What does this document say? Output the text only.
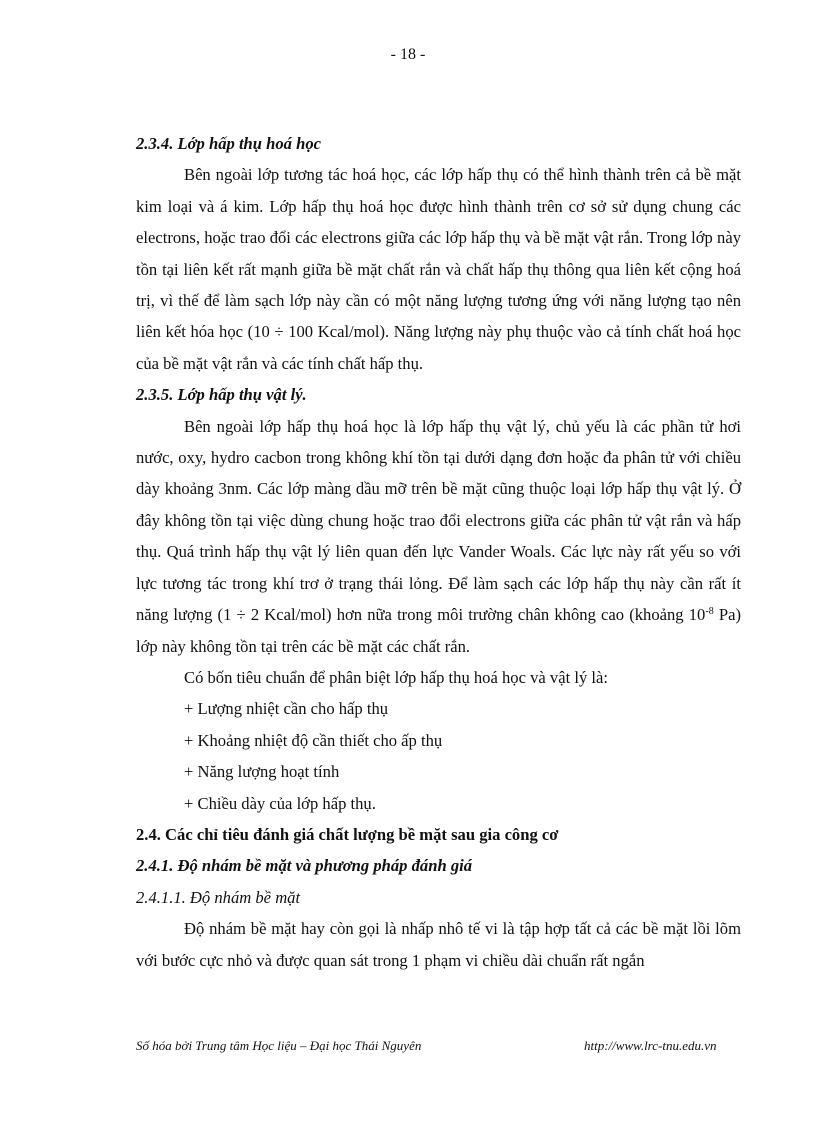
- 18 -

2.3.4. Lớp hấp thụ hoá học

Bên ngoài lớp tương tác hoá học, các lớp hấp thụ có thể hình thành trên cả bề mặt kim loại và á kim. Lớp hấp thụ hoá học được hình thành trên cơ sở sử dụng chung các electrons, hoặc trao đổi các electrons giữa các lớp hấp thụ và bề mặt vật rắn. Trong lớp này tồn tại liên kết rất mạnh giữa bề mặt chất rắn và chất hấp thụ thông qua liên kết cộng hoá trị, vì thế để làm sạch lớp này cần có một năng lượng tương ứng với năng lượng tạo nên liên kết hóa học (10 ÷ 100 Kcal/mol). Năng lượng này phụ thuộc vào cả tính chất hoá học của bề mặt vật rắn và các tính chất hấp thụ.

2.3.5. Lớp hấp thụ vật lý.

Bên ngoài lớp hấp thụ hoá học là lớp hấp thụ vật lý, chủ yếu là các phần tử hơi nước, oxy, hydro cacbon trong không khí tồn tại dưới dạng đơn hoặc đa phân tử với chiều dày khoảng 3nm. Các lớp màng dầu mỡ trên bề mặt cũng thuộc loại lớp hấp thụ vật lý. Ở đây không tồn tại việc dùng chung hoặc trao đổi electrons giữa các phân tử vật rắn và hấp thụ. Quá trình hấp thụ vật lý liên quan đến lực Vander Woals. Các lực này rất yếu so với lực tương tác trong khí trơ ở trạng thái lỏng. Để làm sạch các lớp hấp thụ này cần rất ít năng lượng (1 ÷ 2 Kcal/mol) hơn nữa trong môi trường chân không cao (khoảng $10^{-8}$ Pa) lớp này không tồn tại trên các bề mặt các chất rắn.

Có bốn tiêu chuẩn để phân biệt lớp hấp thụ hoá học và vật lý là:

+ Lượng nhiệt cần cho hấp thụ

+ Khoảng nhiệt độ cần thiết cho ấp thụ

+ Năng lượng hoạt tính

+ Chiều dày của lớp hấp thụ.

2.4. Các chỉ tiêu đánh giá chất lượng bề mặt sau gia công cơ

2.4.1. Độ nhám bề mặt và phương pháp đánh giá

2.4.1.1. Độ nhám bề mặt

Độ nhám bề mặt hay còn gọi là nhấp nhô tế vi là tập hợp tất cả các bề mặt lồi lõm với bước cực nhỏ và được quan sát trong 1 phạm vi chiều dài chuẩn rất ngắn

Số hóa bởi Trung tâm Học liệu – Đại học Thái Nguyên	http://www.lrc-tnu.edu.vn
